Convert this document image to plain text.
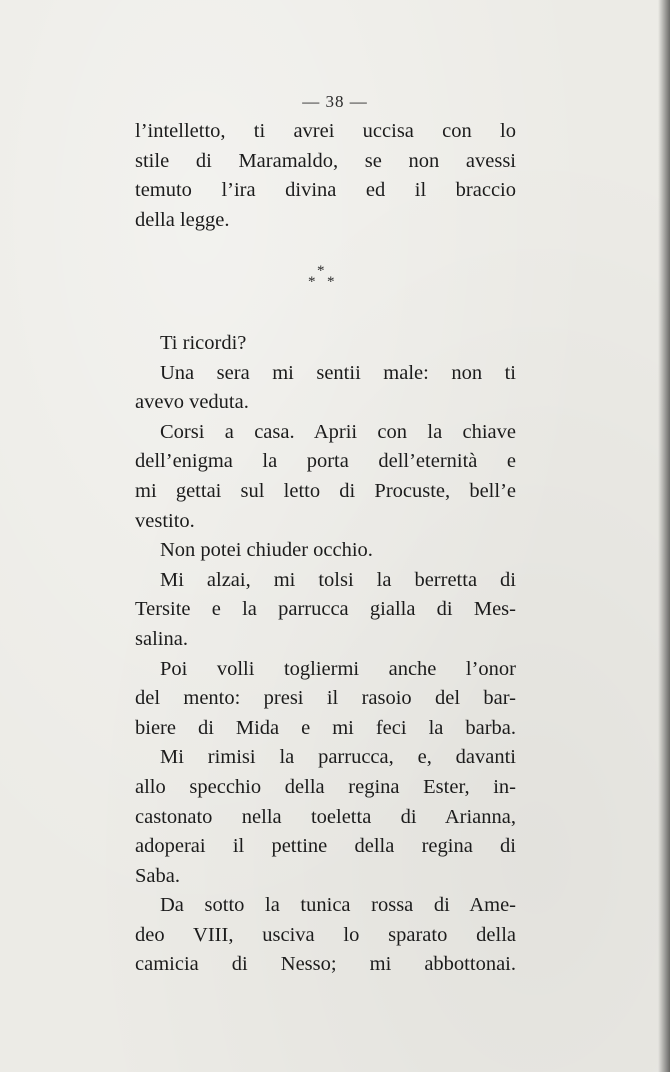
— 38 —
l’intelletto, ti avrei uccisa con lo
stile di Maramaldo, se non avessi
temuto l’ira divina ed il braccio
della legge.
*
* *
Ti ricordi?
Una sera mi sentii male: non ti
avevo veduta.
Corsi a casa. Aprii con la chiave
dell’enigma la porta dell’eternità e
mi gettai sul letto di Procuste, bell’e
vestito.
Non potei chiuder occhio.
Mi alzai, mi tolsi la berretta di
Tersite e la parrucca gialla di Mes-
salina.
Poi volli togliermi anche l’onor
del mento: presi il rasoio del bar-
biere di Mida e mi feci la barba.
Mi rimisi la parrucca, e, davanti
allo specchio della regina Ester, in-
castonato nella toeletta di Arianna,
adoperai il pettine della regina di
Saba.
Da sotto la tunica rossa di Ame-
deo VIII, usciva lo sparato della
camicia di Nesso; mi abbottonai.
